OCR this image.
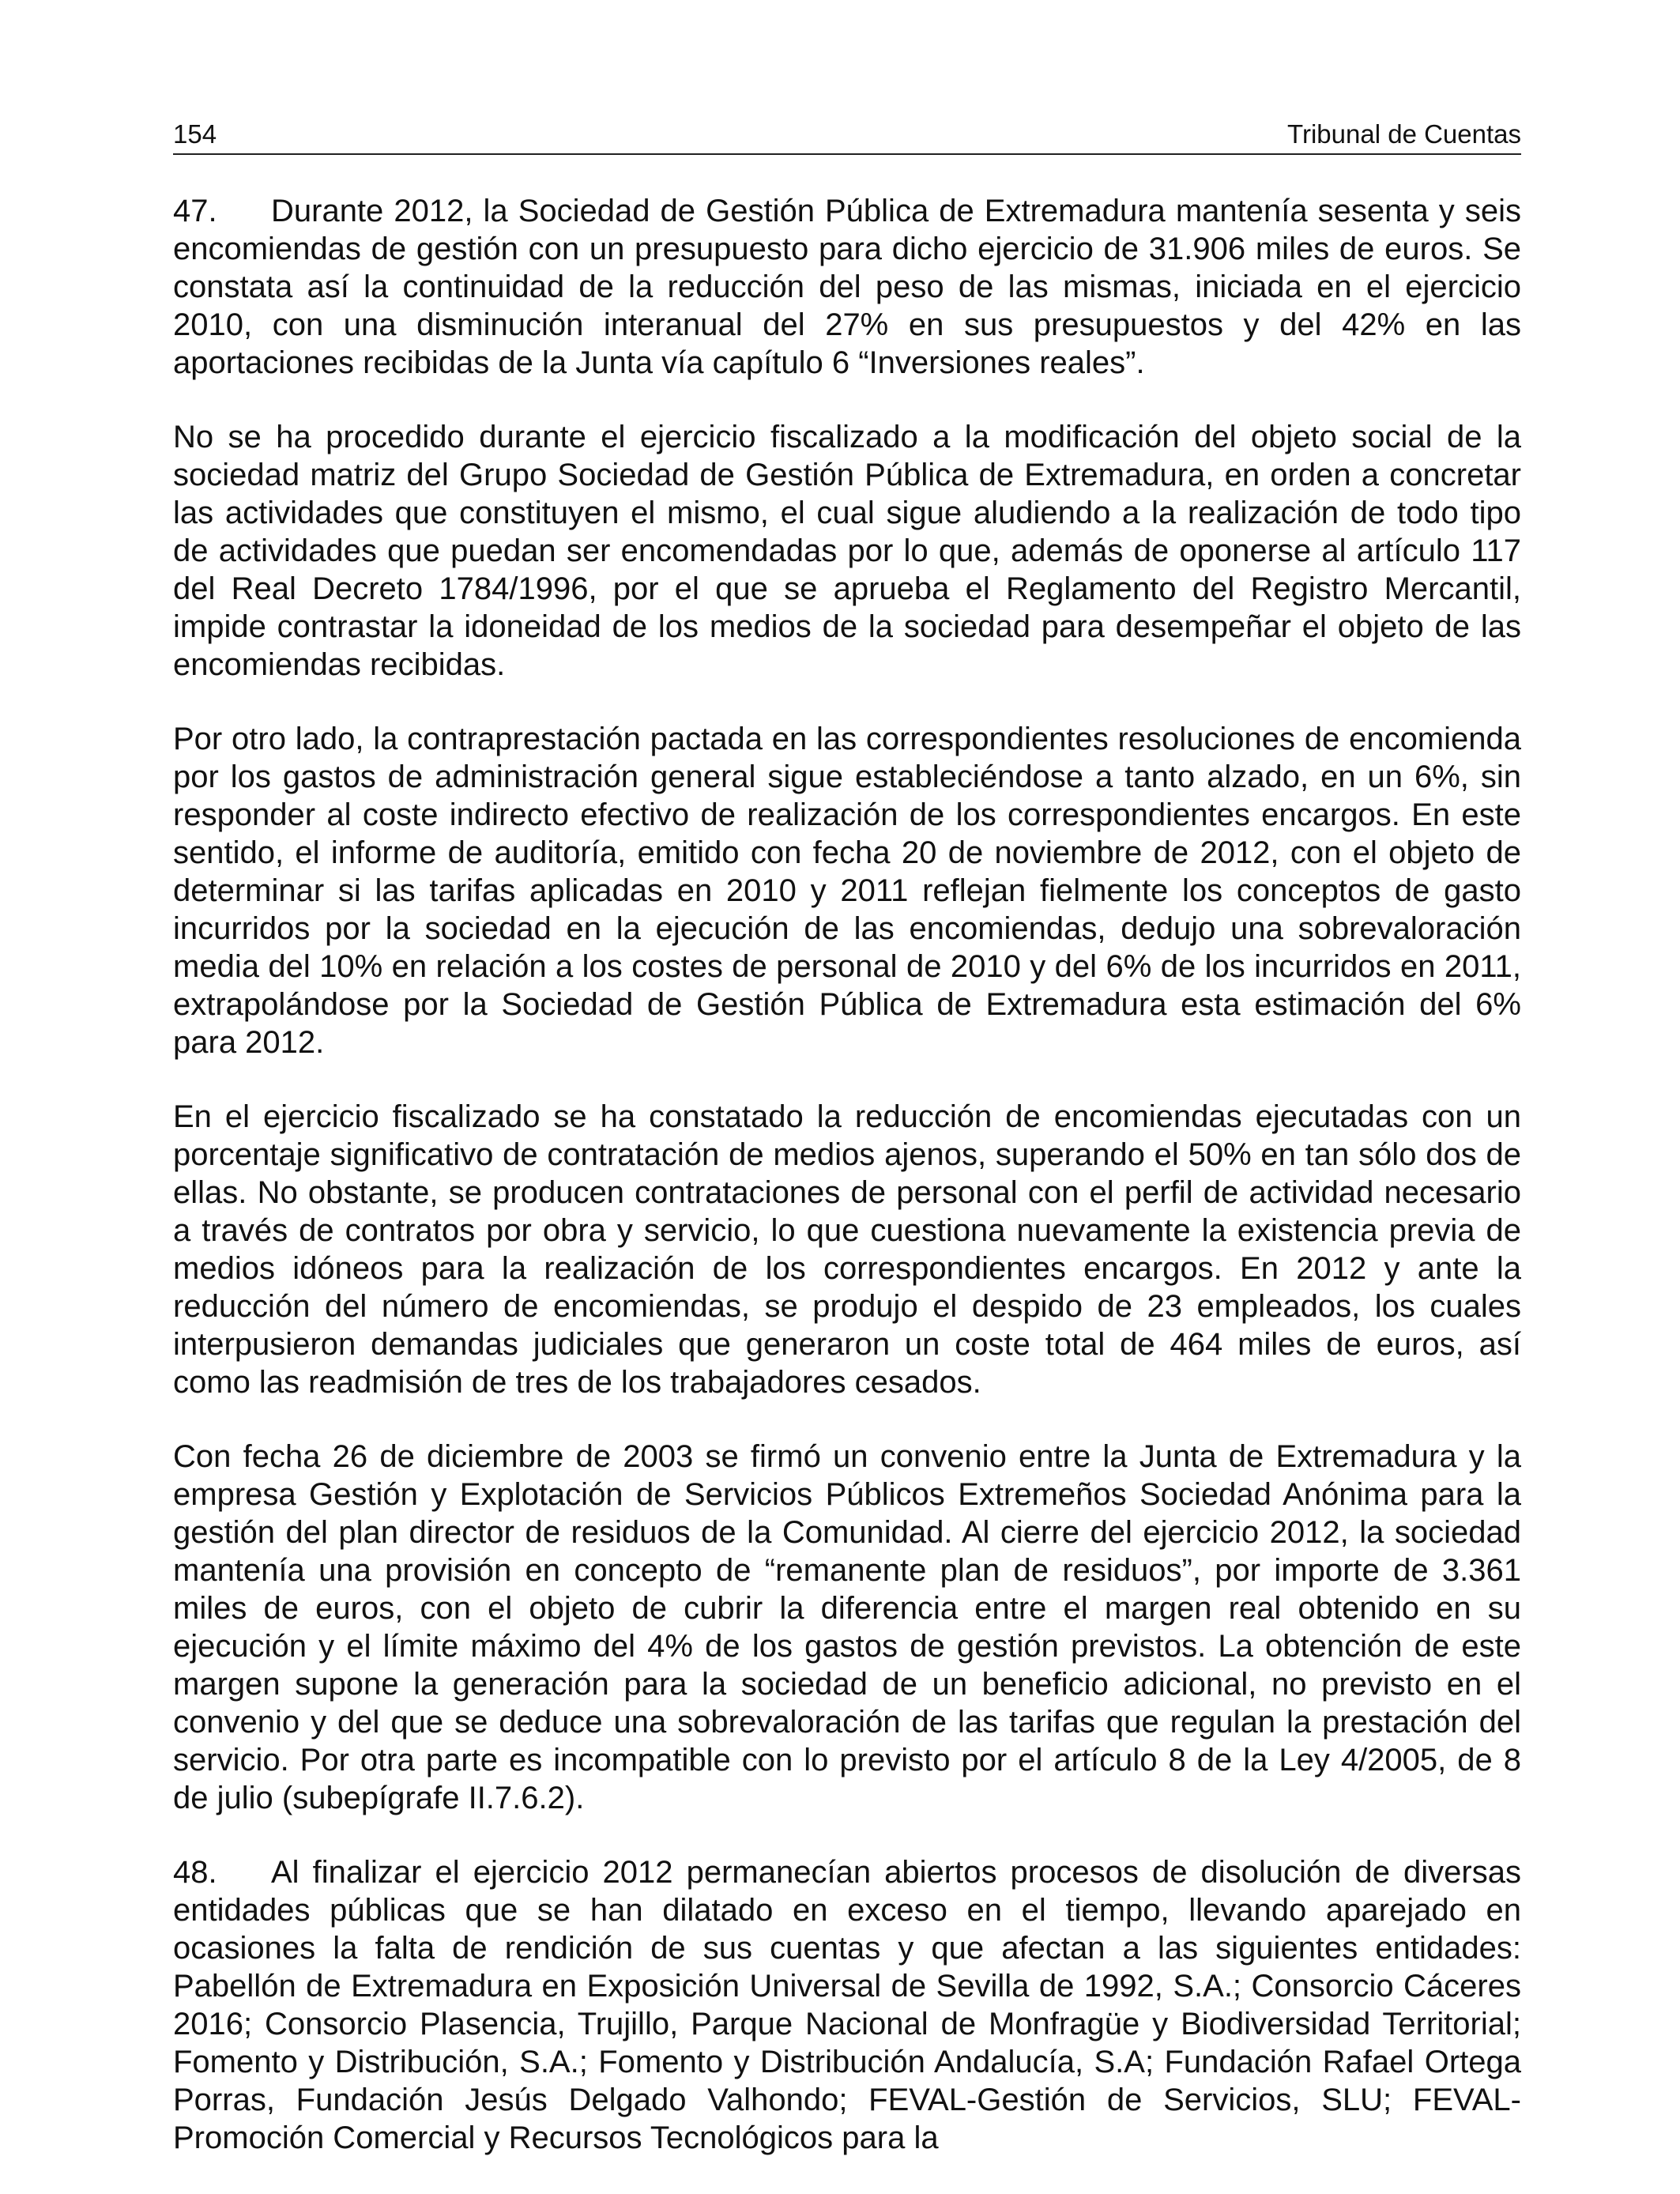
154	Tribunal de Cuentas

47. Durante 2012, la Sociedad de Gestión Pública de Extremadura mantenía sesenta y seis encomiendas de gestión con un presupuesto para dicho ejercicio de 31.906 miles de euros. Se constata así la continuidad de la reducción del peso de las mismas, iniciada en el ejercicio 2010, con una disminución interanual del 27% en sus presupuestos y del 42% en las aportaciones recibidas de la Junta vía capítulo 6 “Inversiones reales”.

No se ha procedido durante el ejercicio fiscalizado a la modificación del objeto social de la sociedad matriz del Grupo Sociedad de Gestión Pública de Extremadura, en orden a concretar las actividades que constituyen el mismo, el cual sigue aludiendo a la realización de todo tipo de actividades que puedan ser encomendadas por lo que, además de oponerse al artículo 117 del Real Decreto 1784/1996, por el que se aprueba el Reglamento del Registro Mercantil, impide contrastar la idoneidad de los medios de la sociedad para desempeñar el objeto de las encomiendas recibidas.

Por otro lado, la contraprestación pactada en las correspondientes resoluciones de encomienda por los gastos de administración general sigue estableciéndose a tanto alzado, en un 6%, sin responder al coste indirecto efectivo de realización de los correspondientes encargos. En este sentido, el informe de auditoría, emitido con fecha 20 de noviembre de 2012, con el objeto de determinar si las tarifas aplicadas en 2010 y 2011 reflejan fielmente los conceptos de gasto incurridos por la sociedad en la ejecución de las encomiendas, dedujo una sobrevaloración media del 10% en relación a los costes de personal de 2010 y del 6% de los incurridos en 2011, extrapolándose por la Sociedad de Gestión Pública de Extremadura esta estimación del 6% para 2012.

En el ejercicio fiscalizado se ha constatado la reducción de encomiendas ejecutadas con un porcentaje significativo de contratación de medios ajenos, superando el 50% en tan sólo dos de ellas. No obstante, se producen contrataciones de personal con el perfil de actividad necesario a través de contratos por obra y servicio, lo que cuestiona nuevamente la existencia previa de medios idóneos para la realización de los correspondientes encargos. En 2012 y ante la reducción del número de encomiendas, se produjo el despido de 23 empleados, los cuales interpusieron demandas judiciales que generaron un coste total de 464 miles de euros, así como las readmisión de tres de los trabajadores cesados.

Con fecha 26 de diciembre de 2003 se firmó un convenio entre la Junta de Extremadura y la empresa Gestión y Explotación de Servicios Públicos Extremeños Sociedad Anónima para la gestión del plan director de residuos de la Comunidad. Al cierre del ejercicio 2012, la sociedad mantenía una provisión en concepto de “remanente plan de residuos”, por importe de 3.361 miles de euros, con el objeto de cubrir la diferencia entre el margen real obtenido en su ejecución y el límite máximo del 4% de los gastos de gestión previstos. La obtención de este margen supone la generación para la sociedad de un beneficio adicional, no previsto en el convenio y del que se deduce una sobrevaloración de las tarifas que regulan la prestación del servicio. Por otra parte es incompatible con lo previsto por el artículo 8 de la Ley 4/2005, de 8 de julio (subepígrafe II.7.6.2).

48. Al finalizar el ejercicio 2012 permanecían abiertos procesos de disolución de diversas entidades públicas que se han dilatado en exceso en el tiempo, llevando aparejado en ocasiones la falta de rendición de sus cuentas y que afectan a las siguientes entidades: Pabellón de Extremadura en Exposición Universal de Sevilla de 1992, S.A.; Consorcio Cáceres 2016; Consorcio Plasencia, Trujillo, Parque Nacional de Monfragüe y Biodiversidad Territorial; Fomento y Distribución, S.A.; Fomento y Distribución Andalucía, S.A; Fundación Rafael Ortega Porras, Fundación Jesús Delgado Valhondo; FEVAL-Gestión de Servicios, SLU; FEVAL- Promoción Comercial y Recursos Tecnológicos para la
